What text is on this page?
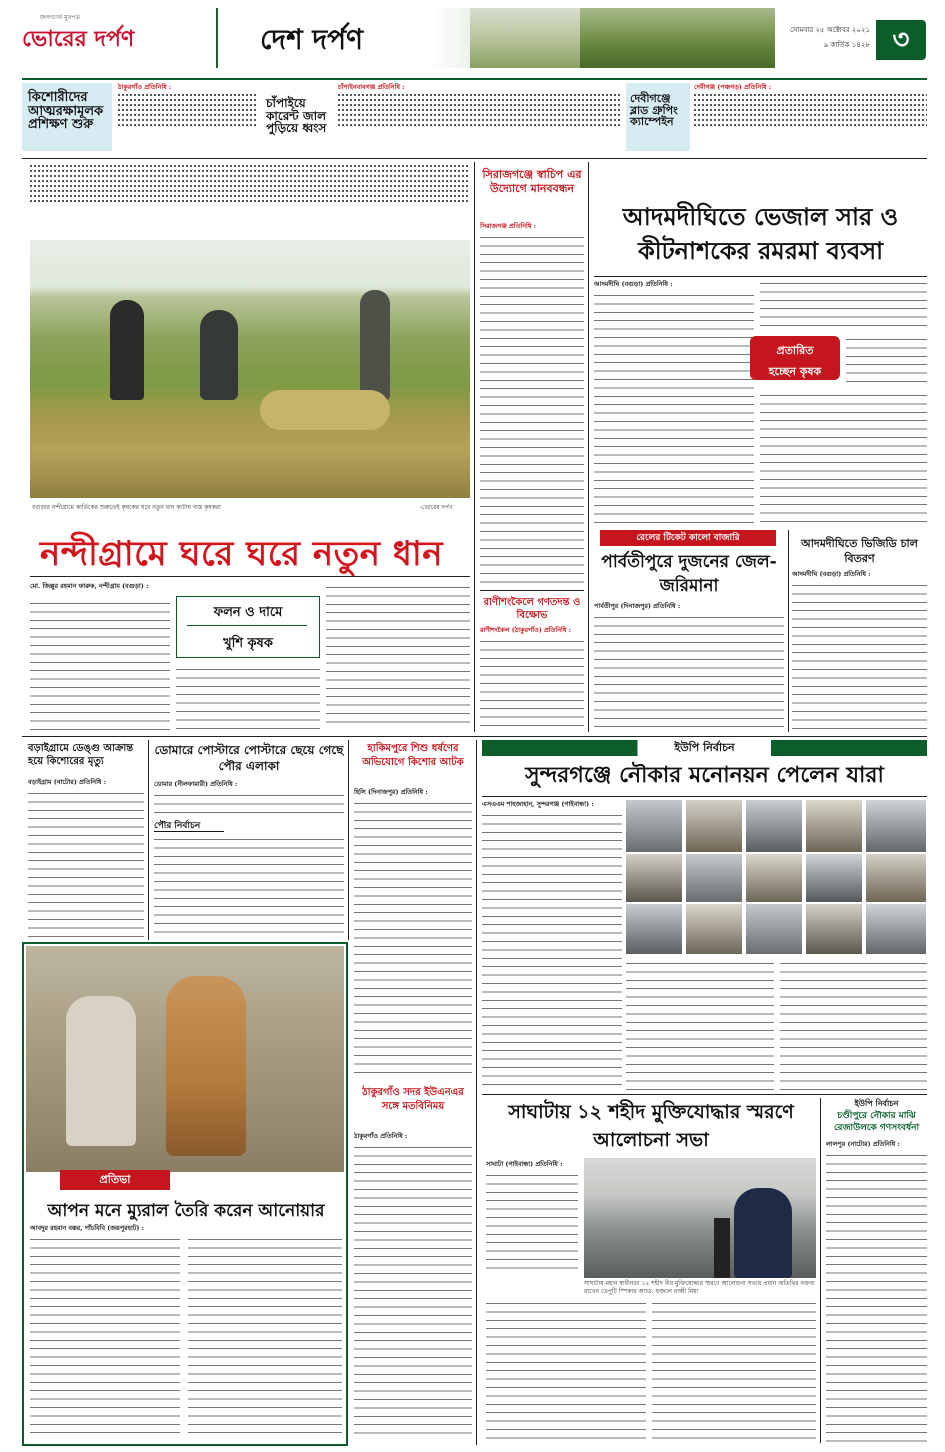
জনগণের মুখপত্র
ভোরের দর্পণ	দেশ দর্পণ	সোমবার ২৫ অক্টোবর ২০২১
৯ কার্তিক ১৪২৮ ৩
কিশোরীদের আত্মরক্ষামূলক প্রশিক্ষণ শুরু
ঠাকুরগাঁও প্রতিনিধি :
চাঁপাইয়ে কারেন্ট জাল পুড়িয়ে ধ্বংস
চাঁপাইনবাবগঞ্জ প্রতিনিধি :
দেবীগঞ্জে ব্লাড গ্রুপিং ক্যাম্পেইন
দেবীগঞ্জ (পঞ্চগড়) প্রতিনিধি :
বগুড়ার নন্দীগ্রামে কার্তিকের শুরুতেই কৃষকের ঘরে নতুন ধান কাটায় ব্যস্ত কৃষকরা	-ভোরের দর্পণ
নন্দীগ্রামে ঘরে ঘরে নতুন ধান
মো. জিল্লুর রহমান ফারুক, নন্দীগ্রাম (বগুড়া) :
ফলন ও দামে
খুশি কৃষক
সিরাজগঞ্জে স্বাচিপ এর উদ্যোগে মানববন্ধন
সিরাজগঞ্জ প্রতিনিধি :
রাণীশংকৈলে গণতদন্ত ও বিক্ষোভ
রাণীশংকৈল (ঠাকুরগাঁও) প্রতিনিধি :
আদমদীঘিতে ভেজাল সার ও কীটনাশকের রমরমা ব্যবসা
আদমদীঘি (বগুড়া) প্রতিনিধি :
প্রতারিত
হচ্ছেন কৃষক
রেলের টিকেট কালো বাজারি
পার্বতীপুরে দুজনের জেল-জরিমানা
পার্বতীপুর (দিনাজপুর) প্রতিনিধি :
আদমদীঘিতে ভিজিডি চাল বিতরণ
আদমদীঘি (বগুড়া) প্রতিনিধি :
বড়াইগ্রামে ডেঙ্গু আক্রান্ত হয়ে কিশোরের মৃত্যু
বড়াইগ্রাম (নাটোর) প্রতিনিধি :
ডোমারে পোস্টারে পোস্টারে ছেয়ে গেছে পৌর এলাকা
ডোমার (নীলফামারী) প্রতিনিধি :
পৌর নির্বাচন
হাকিমপুরে শিশু ধর্ষণের অভিযোগে কিশোর আটক
হিলি (দিনাজপুর) প্রতিনিধি :
ঠাকুরগাঁও সদর ইউএনএর সঙ্গে মতবিনিময়
ঠাকুরগাঁও প্রতিনিধি :
প্রতিভা
আপন মনে ম্যুরাল তৈরি করেন আনোয়ার
আবদুর রহমান বক্কর, পাঁচবিবি (জয়পুরহাট) :
ইউপি নির্বাচন
সুন্দরগঞ্জে নৌকার মনোনয়ন পেলেন যারা
এসএএম শাহজাহান, সুন্দরগঞ্জ (গাইবান্ধা) :
সাঘাটায় ১২ শহীদ মুক্তিযোদ্ধার স্মরণে আলোচনা সভা
সাঘাটা (গাইবান্ধা) প্রতিনিধি :
সাঘাটায় মহান স্বাধীনতা ১২ শহীদ বীর মুক্তিযোদ্ধার স্মরণে আলোচনা সভায় প্রধান অতিথির বক্তব্য রাখেন ডেপুটি স্পিকার অ্যাড. ফজলে রাব্বী মিয়া
ইউপি নির্বাচন
চণ্ডীপুরে নৌকার মাঝি রেজাউলকে গণসংবর্ধনা
লালপুর (নাটোর) প্রতিনিধি :
